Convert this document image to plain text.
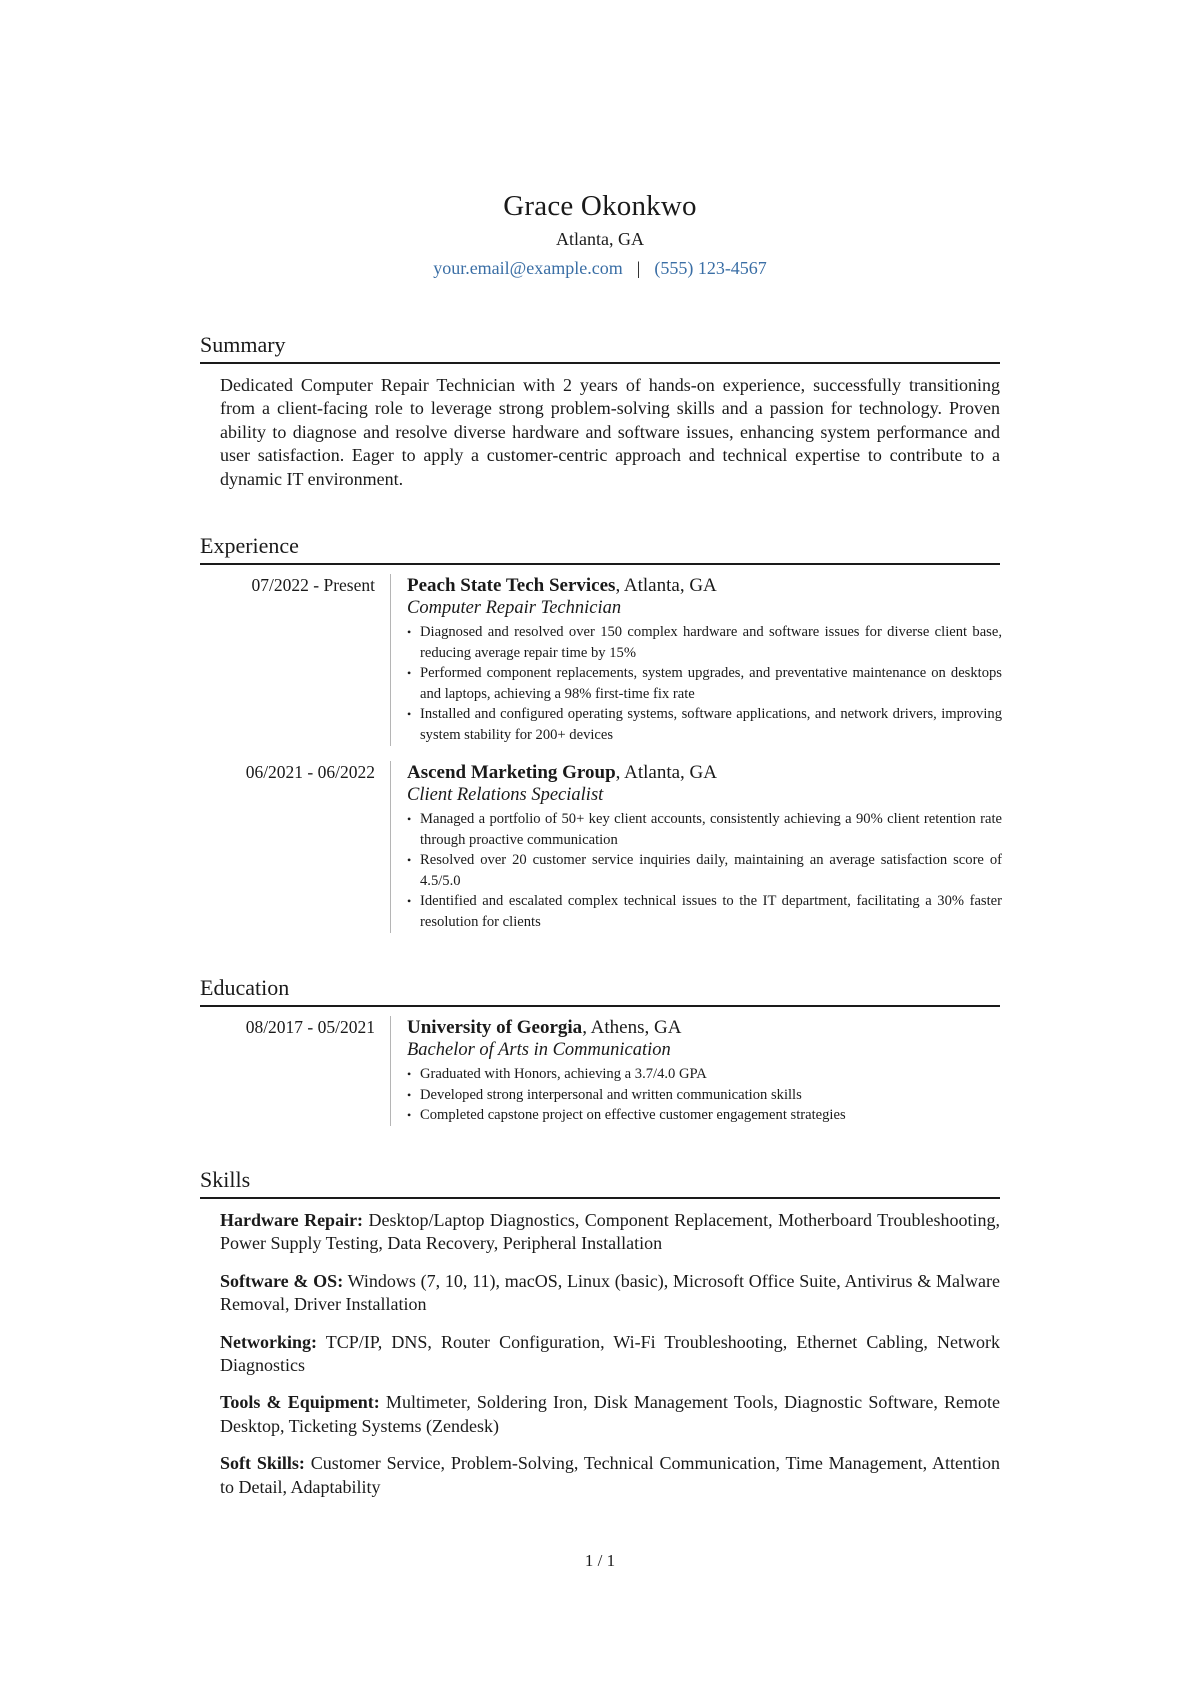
Grace Okonkwo
Atlanta, GA
your.email@example.com | (555) 123-4567
Summary

Dedicated Computer Repair Technician with 2 years of hands-on experience, successfully transitioning from a client-facing role to leverage strong problem-solving skills and a passion for technology. Proven ability to diagnose and resolve diverse hardware and software issues, enhancing system performance and user satisfaction. Eager to apply a customer-centric approach and technical expertise to contribute to a dynamic IT environment.

Experience
07/2022 - Present Peach State Tech Services, Atlanta, GA
Computer Repair Technician
• Diagnosed and resolved over 150 complex hardware and software issues for diverse client base, reducing average repair time by 15%
• Performed component replacements, system upgrades, and preventative maintenance on desktops and laptops, achieving a 98% first-time fix rate
• Installed and configured operating systems, software applications, and network drivers, improving system stability for 200+ devices
06/2021 - 06/2022 Ascend Marketing Group, Atlanta, GA
Client Relations Specialist
• Managed a portfolio of 50+ key client accounts, consistently achieving a 90% client retention rate through proactive communication
• Resolved over 20 customer service inquiries daily, maintaining an average satisfaction score of 4.5/5.0
• Identified and escalated complex technical issues to the IT department, facilitating a 30% faster resolution for clients
Education
08/2017 - 05/2021 University of Georgia, Athens, GA
Bachelor of Arts in Communication
• Graduated with Honors, achieving a 3.7/4.0 GPA
• Developed strong interpersonal and written communication skills
• Completed capstone project on effective customer engagement strategies
Skills
Hardware Repair: Desktop/Laptop Diagnostics, Component Replacement, Motherboard Troubleshooting, Power Supply Testing, Data Recovery, Peripheral Installation
Software & OS: Windows (7, 10, 11), macOS, Linux (basic), Microsoft Office Suite, Antivirus & Malware Removal, Driver Installation
Networking: TCP/IP, DNS, Router Configuration, Wi-Fi Troubleshooting, Ethernet Cabling, Network Diagnostics
Tools & Equipment: Multimeter, Soldering Iron, Disk Management Tools, Diagnostic Software, Remote Desktop, Ticketing Systems (Zendesk)
Soft Skills: Customer Service, Problem-Solving, Technical Communication, Time Management, Attention to Detail, Adaptability
1 / 1
